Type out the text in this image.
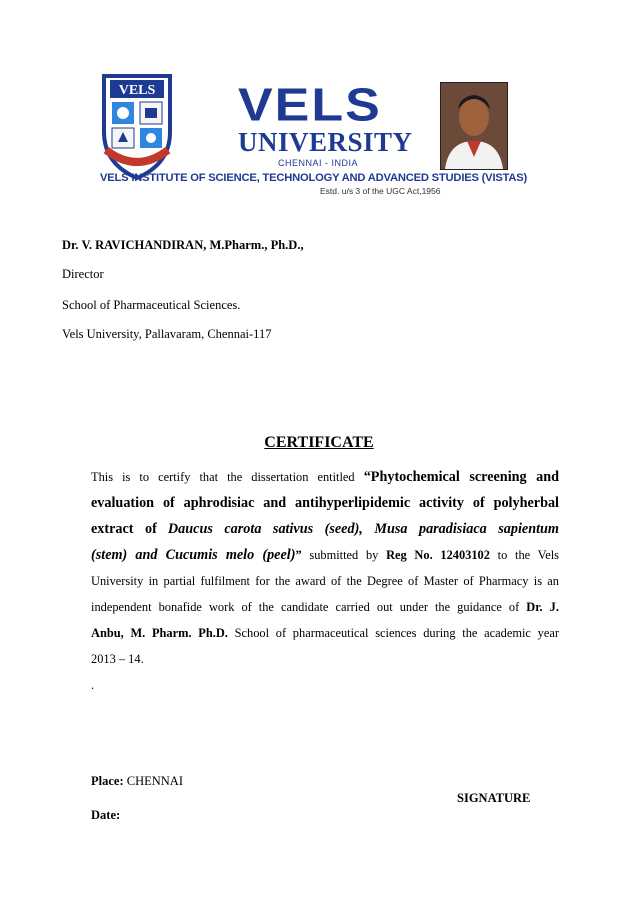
VELS VELS
UNIVERSITY
CHENNAI - INDIA
VELS INSTITUTE OF SCIENCE, TECHNOLOGY AND ADVANCED STUDIES (VISTAS)
Estd. u/s 3 of the UGC Act,1956
Dr. V. RAVICHANDIRAN, M.Pharm., Ph.D.,
Director
School of Pharmaceutical Sciences.
Vels University, Pallavaram, Chennai-117
CERTIFICATE
This is to certify that the dissertation entitled “Phytochemical screening and
evaluation of aphrodisiac and antihyperlipidemic activity of polyherbal
extract of Daucus carota sativus (seed), Musa paradisiaca sapientum
(stem) and Cucumis melo (peel)” submitted by Reg No. 12403102 to the Vels
University in partial fulfilment for the award of the Degree of Master of Pharmacy is an
independent bonafide work of the candidate carried out under the guidance of Dr. J.
Anbu, M. Pharm. Ph.D. School of pharmaceutical sciences during the academic year
2013 – 14.
.
Place: CHENNAI
SIGNATURE
Date:
